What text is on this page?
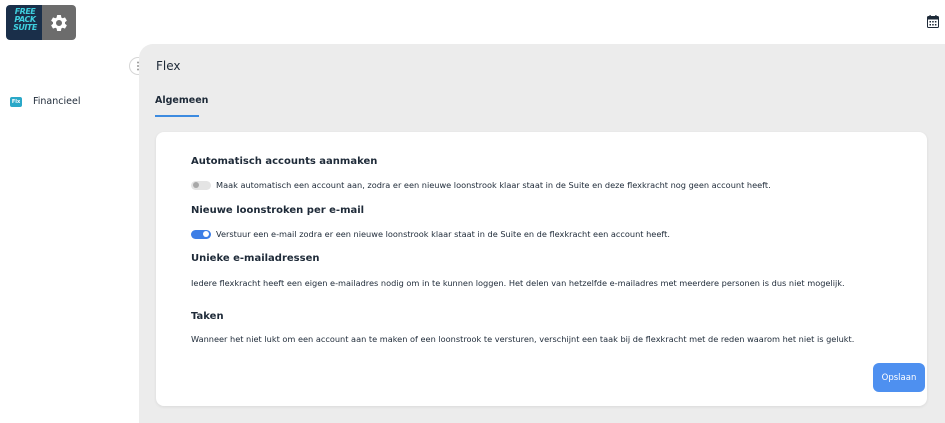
FREE PACK SUITE
Flx Financieel
Flex
Algemeen
Automatisch accounts aanmaken
Maak automatisch een account aan, zodra er een nieuwe loonstrook klaar staat in de Suite en deze flexkracht nog geen account heeft.
Nieuwe loonstroken per e-mail
Verstuur een e-mail zodra er een nieuwe loonstrook klaar staat in de Suite en de flexkracht een account heeft.
Unieke e-mailadressen
Iedere flexkracht heeft een eigen e-mailadres nodig om in te kunnen loggen. Het delen van hetzelfde e-mailadres met meerdere personen is dus niet mogelijk.
Taken
Wanneer het niet lukt om een account aan te maken of een loonstrook te versturen, verschijnt een taak bij de flexkracht met de reden waarom het niet is gelukt.
Opslaan
